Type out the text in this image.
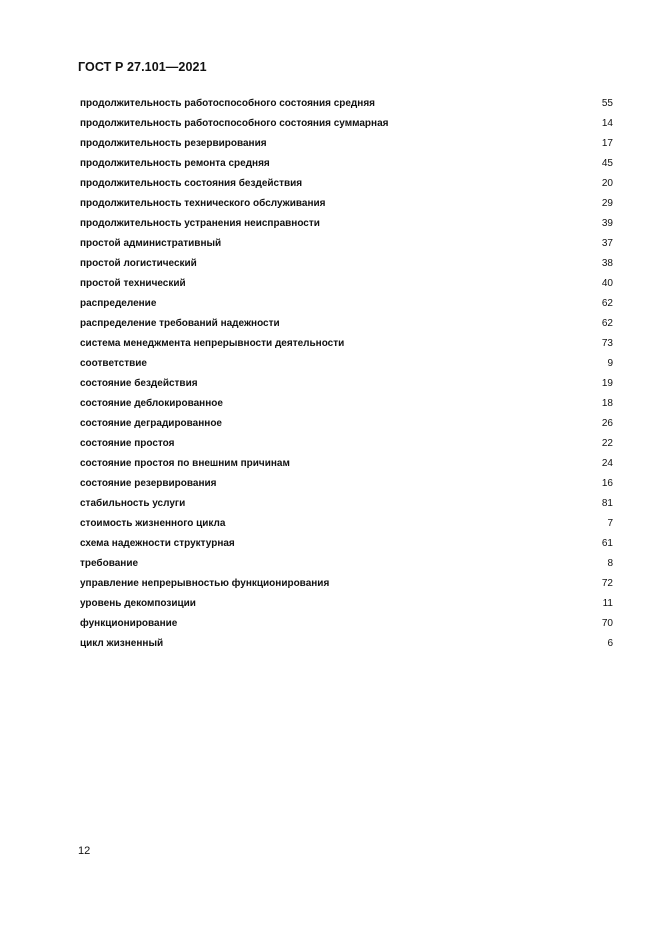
ГОСТ Р 27.101—2021
продолжительность работоспособного состояния средняя	55
продолжительность работоспособного состояния суммарная	14
продолжительность резервирования	17
продолжительность ремонта средняя	45
продолжительность состояния бездействия	20
продолжительность технического обслуживания	29
продолжительность устранения неисправности	39
простой административный	37
простой логистический	38
простой технический	40
распределение	62
распределение требований надежности	62
система менеджмента непрерывности деятельности	73
соответствие	9
состояние бездействия	19
состояние деблокированное	18
состояние деградированное	26
состояние простоя	22
состояние простоя по внешним причинам	24
состояние резервирования	16
стабильность услуги	81
стоимость жизненного цикла	7
схема надежности структурная	61
требование	8
управление непрерывностью функционирования	72
уровень декомпозиции	11
функционирование	70
цикл жизненный	6
12
